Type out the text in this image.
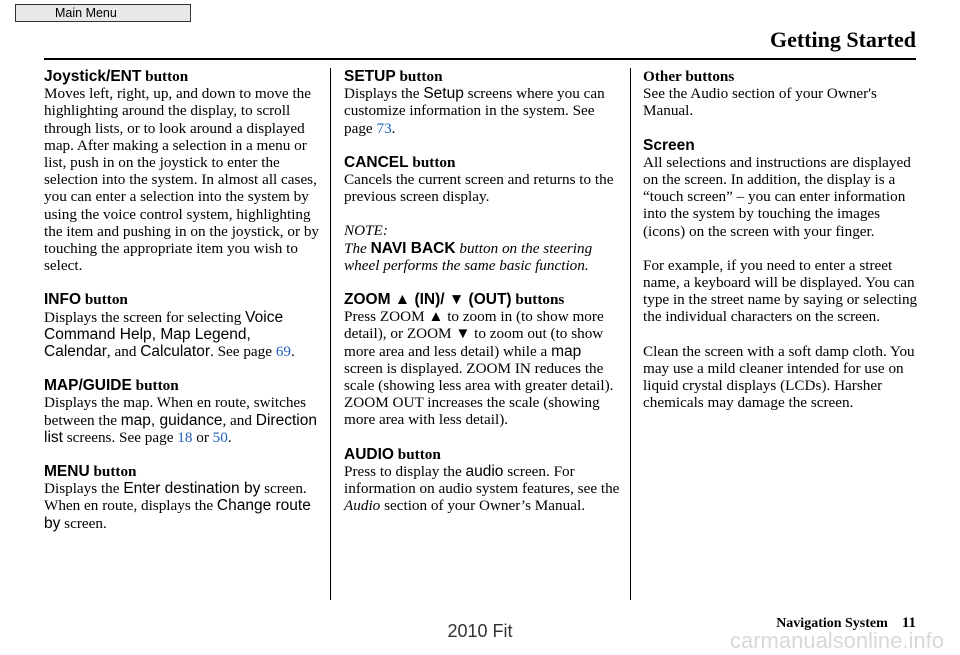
Main Menu
Getting Started
Joystick/ENT button
Moves left, right, up, and down to move the highlighting around the display, to scroll through lists, or to look around a displayed map. After making a selection in a menu or list, push in on the joystick to enter the selection into the system. In almost all cases, you can enter a selection into the system by using the voice control system, highlighting the item and pushing in on the joystick, or by touching the appropriate item you wish to select.
INFO button
Displays the screen for selecting Voice Command Help, Map Legend, Calendar, and Calculator. See page 69.
MAP/GUIDE button
Displays the map. When en route, switches between the map, guidance, and Direction list screens. See page 18 or 50.
MENU button
Displays the Enter destination by screen. When en route, displays the Change route by screen.
SETUP button
Displays the Setup screens where you can customize information in the system. See page 73.
CANCEL button
Cancels the current screen and returns to the previous screen display.
NOTE:
The NAVI BACK button on the steering wheel performs the same basic function.
ZOOM ▲ (IN)/ ▼ (OUT) buttons
Press ZOOM ▲ to zoom in (to show more detail), or ZOOM ▼ to zoom out (to show more area and less detail) while a map screen is displayed. ZOOM IN reduces the scale (showing less area with greater detail). ZOOM OUT increases the scale (showing more area with less detail).
AUDIO button
Press to display the audio screen. For information on audio system features, see the Audio section of your Owner’s Manual.
Other buttons
See the Audio section of your Owner's Manual.
Screen
All selections and instructions are displayed on the screen. In addition, the display is a “touch screen” – you can enter information into the system by touching the images (icons) on the screen with your finger.
For example, if you need to enter a street name, a keyboard will be displayed. You can type in the street name by saying or selecting the individual characters on the screen.
Clean the screen with a soft damp cloth. You may use a mild cleaner intended for use on liquid crystal displays (LCDs). Harsher chemicals may damage the screen.
Navigation System 11
2010 Fit	carmanualsonline.info
